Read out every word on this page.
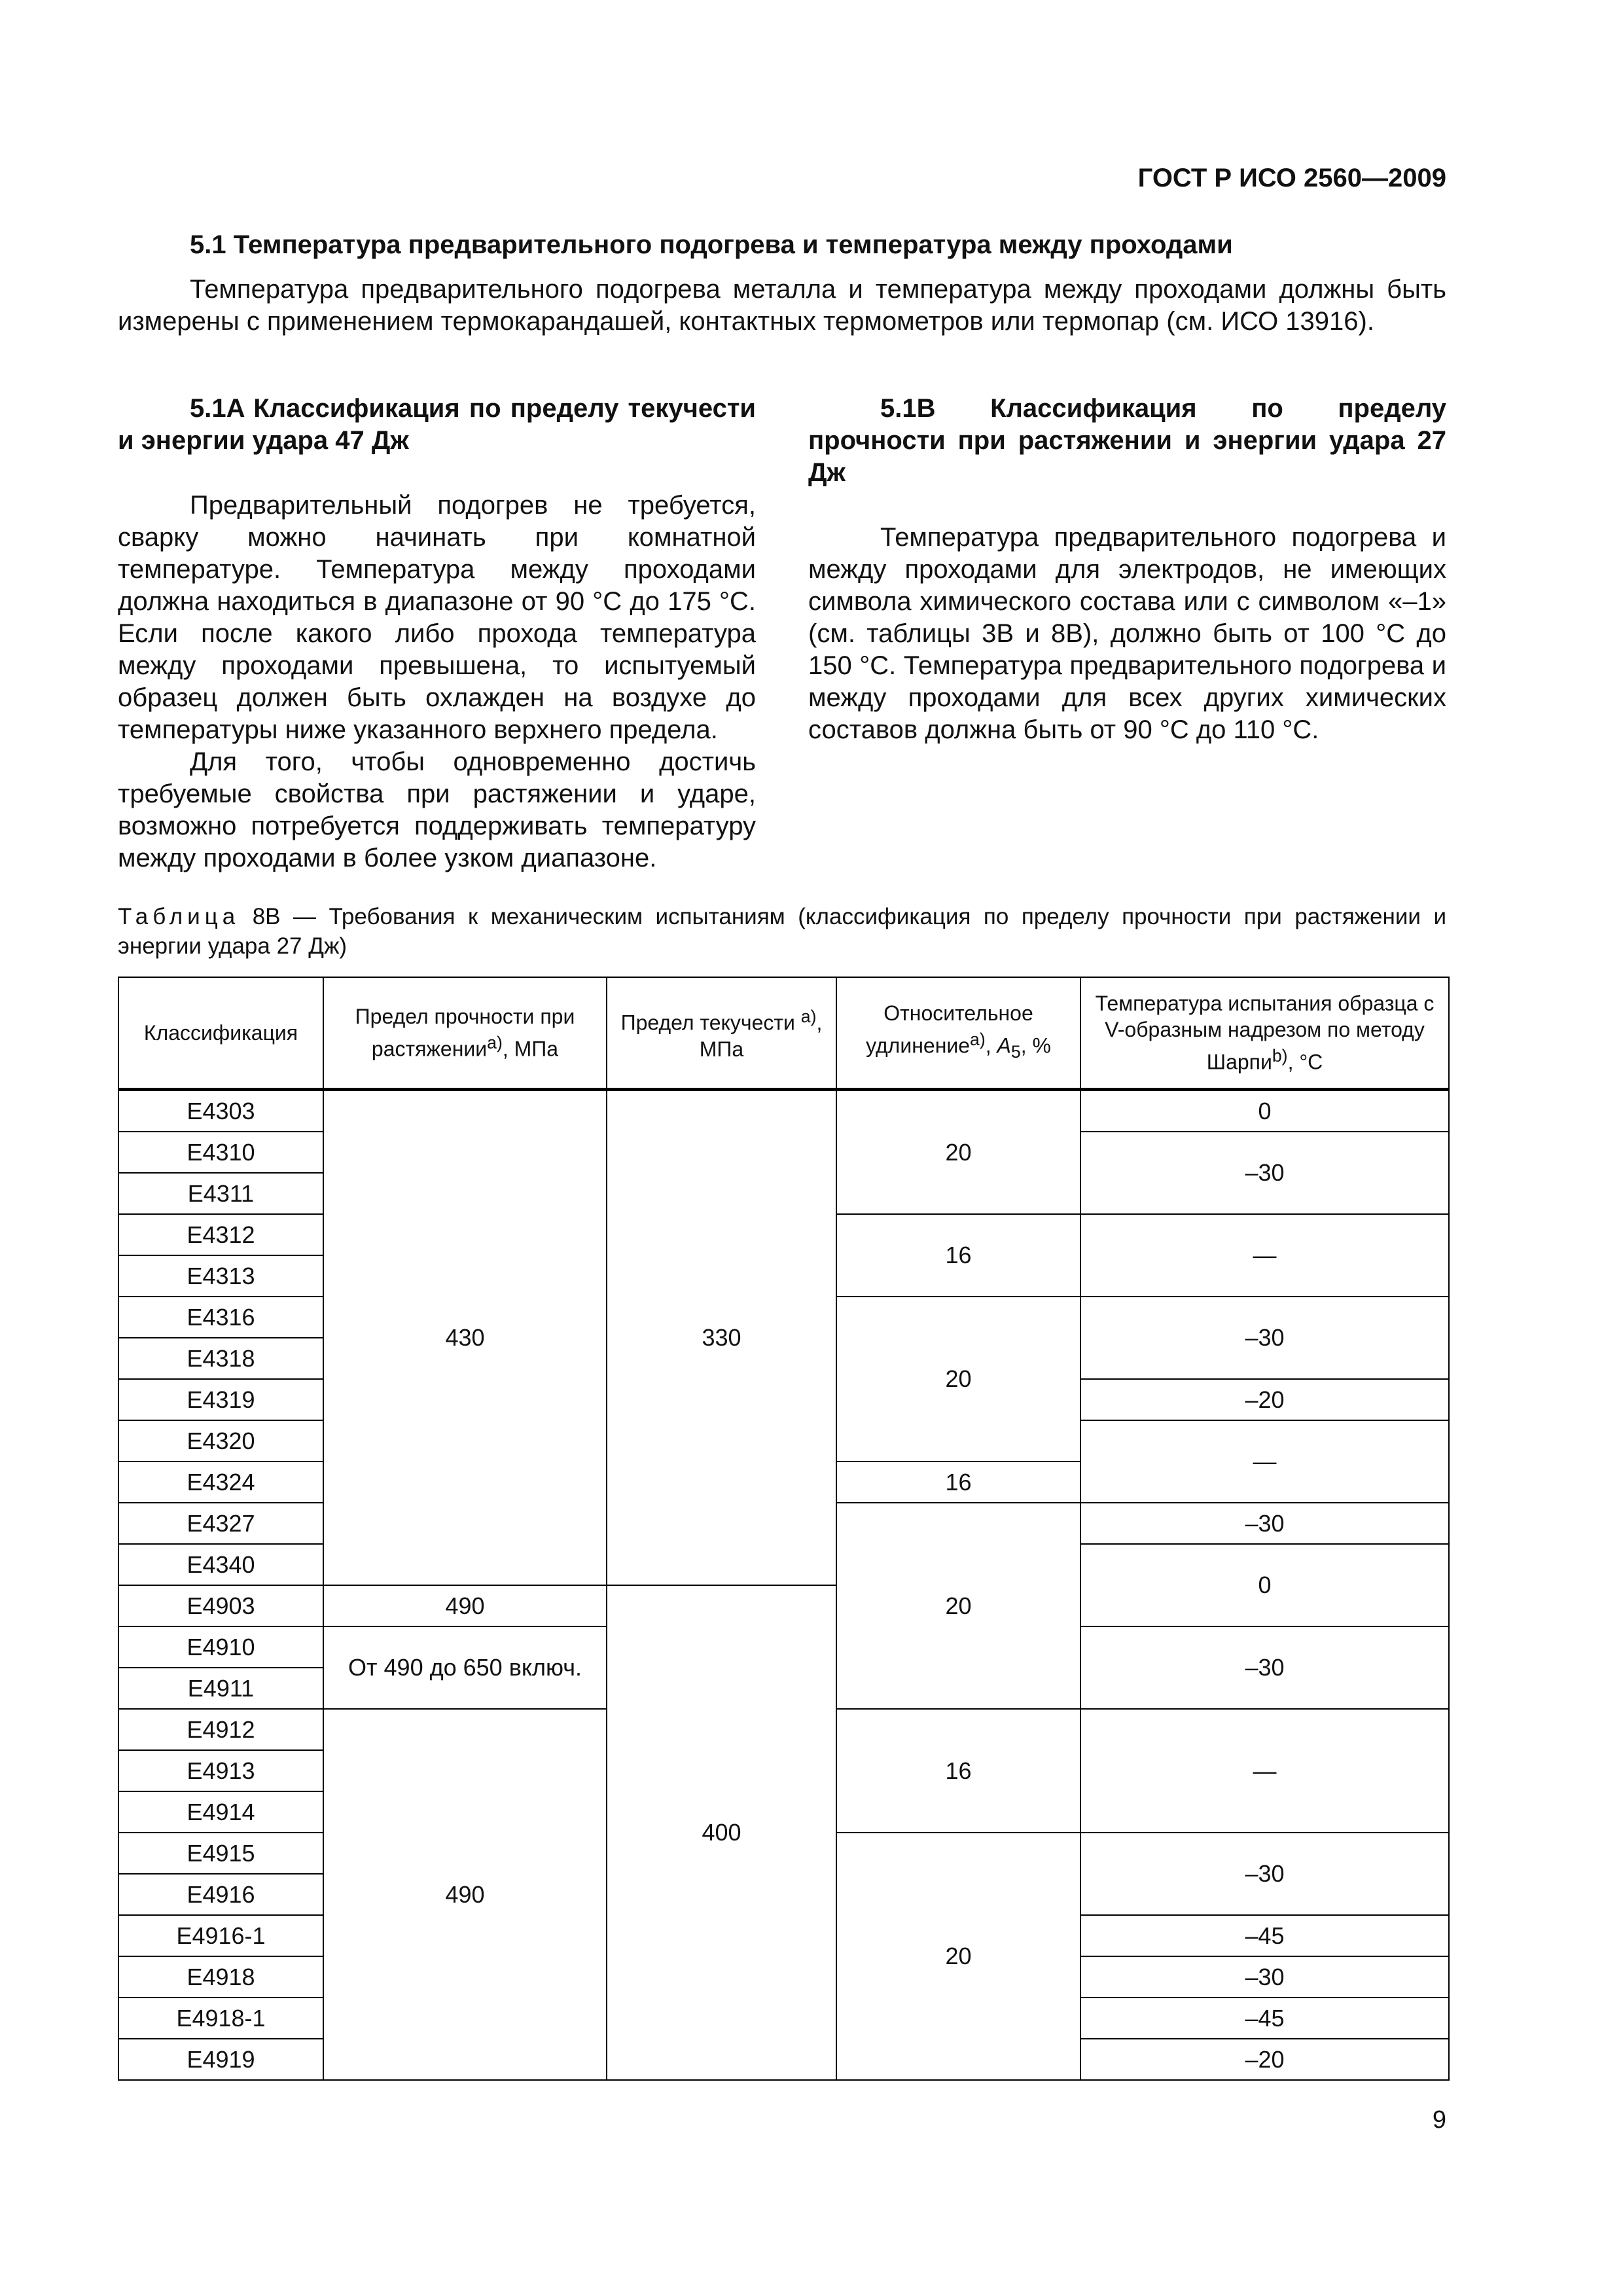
ГОСТ Р ИСО 2560—2009
5.1 Температура предварительного подогрева и температура между проходами

Температура предварительного подогрева металла и температура между проходами должны быть измерены с применением термокарандашей, контактных термометров или термопар (см. ИСО 13916).

5.1A Классификация по пределу текучести и энергии удара 47 Дж

Предварительный подогрев не требуется, сварку можно начинать при комнатной температуре. Температура между проходами должна находиться в диапазоне от 90 °C до 175 °C. Если после какого либо прохода температура между проходами превышена, то испытуемый образец должен быть охлажден на воздухе до температуры ниже указанного верхнего предела.

Для того, чтобы одновременно достичь требуемые свойства при растяжении и ударе, возможно потребуется поддерживать температуру между проходами в более узком диапазоне.

5.1B Классификация по пределу прочности при растяжении и энергии удара 27 Дж

Температура предварительного подогрева и между проходами для электродов, не имеющих символа химического состава или с символом «–1» (см. таблицы 3B и 8B), должно быть от 100 °C до 150 °C. Температура предварительного подогрева и между проходами для всех других химических составов должна быть от 90 °C до 110 °C.

Таблица 8B — Требования к механическим испытаниям (классификация по пределу прочности при растяжении и энергии удара 27 Дж)

Классификация	Предел прочности при растяжении$^{a)}$, МПа	Предел текучести $^{a)}$, МПа	Относительное удлинение$^{a)}$, $A_5$, %	Температура испытания образца с V-образным надрезом по методу Шарпи$^{b)}$, °C
E4303	430	330	20	0
E4310				–30
E4311				
E4312			16	—
E4313				
E4316			20	–30
E4318				
E4319				–20
E4320				—
E4324			16	
E4327			20	–30
E4340				0
E4903	490	400		
E4910	От 490 до 650 включ.			–30
E4911				
E4912	490		16	—
E4913				
E4914				
E4915			20	–30
E4916				
E4916-1				–45
E4918				–30
E4918-1				–45
E4919				–20
9
